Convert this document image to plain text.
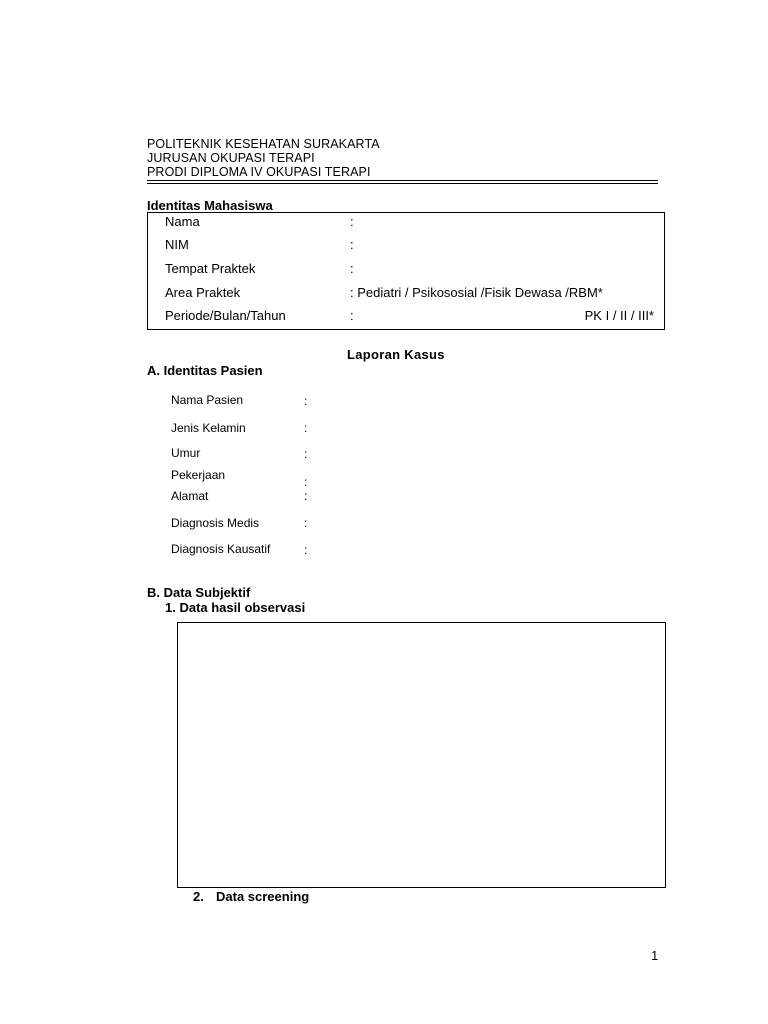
POLITEKNIK KESEHATAN SURAKARTA
JURUSAN OKUPASI TERAPI
PRODI DIPLOMA IV OKUPASI TERAPI
Identitas Mahasiswa
Nama	:
NIM	:
Tempat Praktek	:
Area Praktek	: Pediatri / Psikososial /Fisik Dewasa /RBM*
Periode/Bulan/Tahun	:	PK I / II / III*
Laporan Kasus
A. Identitas Pasien
Nama Pasien	:
Jenis Kelamin	:
Umur	:
Pekerjaan	:
Alamat	:
Diagnosis Medis	:
Diagnosis Kausatif	:
B. Data Subjektif
1. Data hasil observasi
2. Data screening
1
